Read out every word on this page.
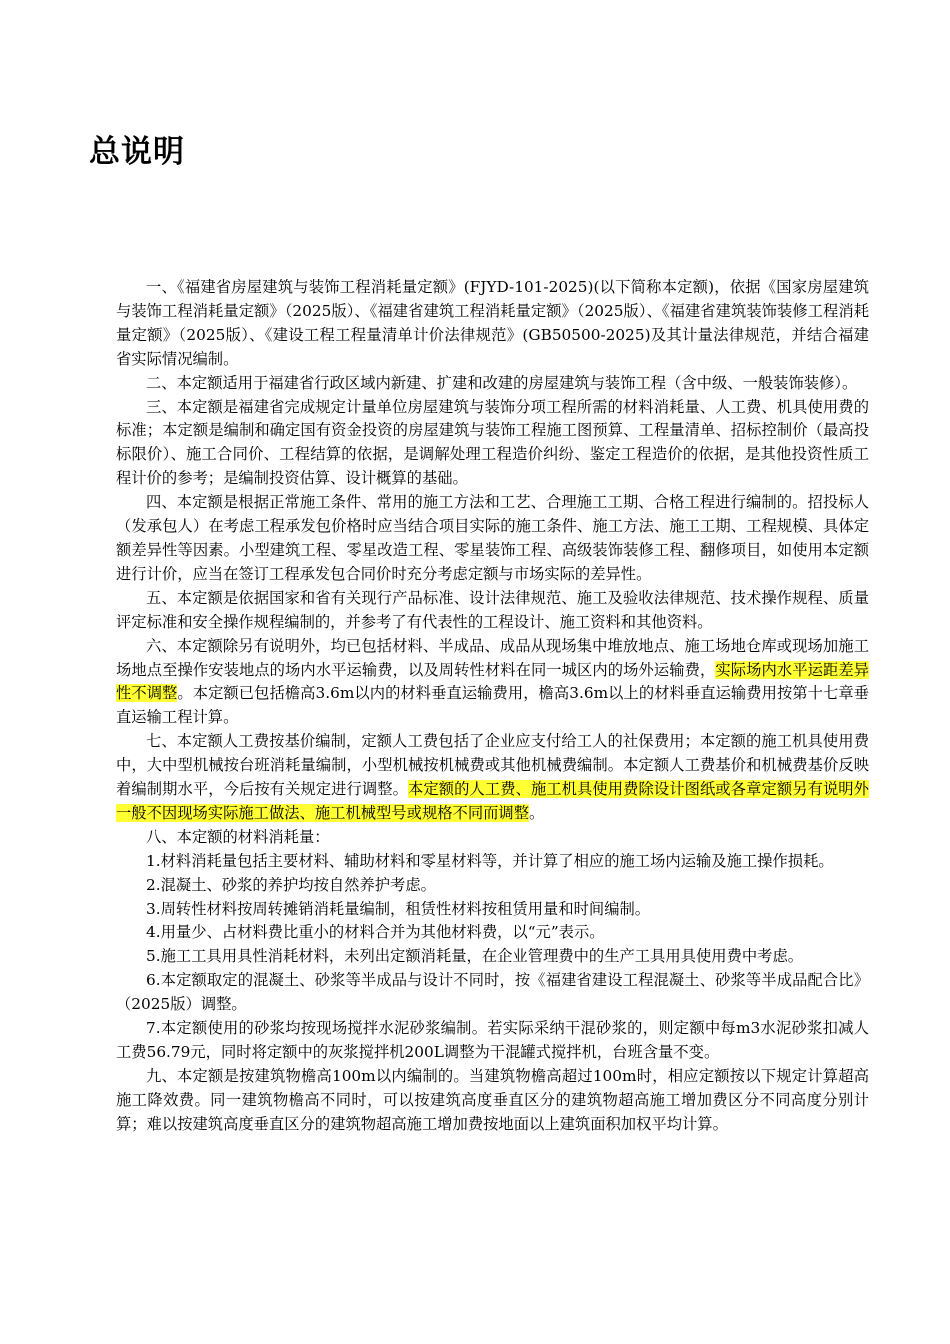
总说明

一、《福建省房屋建筑与装饰工程消耗量定额》(FJYD-101-2025)(以下简称本定额)，依据《国家房屋建筑与装饰工程消耗量定额》（2025版）、《福建省建筑工程消耗量定额》（2025版）、《福建省建筑装饰装修工程消耗量定额》（2025版）、《建设工程工程量清单计价法律规范》(GB50500-2025)及其计量法律规范，并结合福建省实际情况编制。

二、本定额适用于福建省行政区域内新建、扩建和改建的房屋建筑与装饰工程（含中级、一般装饰装修）。

三、本定额是福建省完成规定计量单位房屋建筑与装饰分项工程所需的材料消耗量、人工费、机具使用费的标准；本定额是编制和确定国有资金投资的房屋建筑与装饰工程施工图预算、工程量清单、招标控制价（最高投标限价）、施工合同价、工程结算的依据，是调解处理工程造价纠纷、鉴定工程造价的依据，是其他投资性质工程计价的参考；是编制投资估算、设计概算的基础。

四、本定额是根据正常施工条件、常用的施工方法和工艺、合理施工工期、合格工程进行编制的。招投标人（发承包人）在考虑工程承发包价格时应当结合项目实际的施工条件、施工方法、施工工期、工程规模、具体定额差异性等因素。小型建筑工程、零星改造工程、零星装饰工程、高级装饰装修工程、翻修项目，如使用本定额进行计价，应当在签订工程承发包合同价时充分考虑定额与市场实际的差异性。

五、本定额是依据国家和省有关现行产品标准、设计法律规范、施工及验收法律规范、技术操作规程、质量评定标准和安全操作规程编制的，并参考了有代表性的工程设计、施工资料和其他资料。

六、本定额除另有说明外，均已包括材料、半成品、成品从现场集中堆放地点、施工场地仓库或现场加施工场地点至操作安装地点的场内水平运输费，以及周转性材料在同一城区内的场外运输费，实际场内水平运距差异性不调整。本定额已包括檐高3.6m以内的材料垂直运输费用，檐高3.6m以上的材料垂直运输费用按第十七章垂直运输工程计算。

七、本定额人工费按基价编制，定额人工费包括了企业应支付给工人的社保费用；本定额的施工机具使用费中，大中型机械按台班消耗量编制，小型机械按机械费或其他机械费编制。本定额人工费基价和机械费基价反映着编制期水平，今后按有关规定进行调整。本定额的人工费、施工机具使用费除设计图纸或各章定额另有说明外一般不因现场实际施工做法、施工机械型号或规格不同而调整。

八、本定额的材料消耗量：

1.材料消耗量包括主要材料、辅助材料和零星材料等，并计算了相应的施工场内运输及施工操作损耗。

2.混凝土、砂浆的养护均按自然养护考虑。

3.周转性材料按周转摊销消耗量编制，租赁性材料按租赁用量和时间编制。

4.用量少、占材料费比重小的材料合并为其他材料费，以“元”表示。

5.施工工具用具性消耗材料，未列出定额消耗量，在企业管理费中的生产工具用具使用费中考虑。

6.本定额取定的混凝土、砂浆等半成品与设计不同时，按《福建省建设工程混凝土、砂浆等半成品配合比》（2025版）调整。

7.本定额使用的砂浆均按现场搅拌水泥砂浆编制。若实际采纳干混砂浆的，则定额中每m3水泥砂浆扣减人工费56.79元，同时将定额中的灰浆搅拌机200L调整为干混罐式搅拌机，台班含量不变。

九、本定额是按建筑物檐高100m以内编制的。当建筑物檐高超过100m时，相应定额按以下规定计算超高施工降效费。同一建筑物檐高不同时，可以按建筑高度垂直区分的建筑物超高施工增加费区分不同高度分别计算；难以按建筑高度垂直区分的建筑物超高施工增加费按地面以上建筑面积加权平均计算。
